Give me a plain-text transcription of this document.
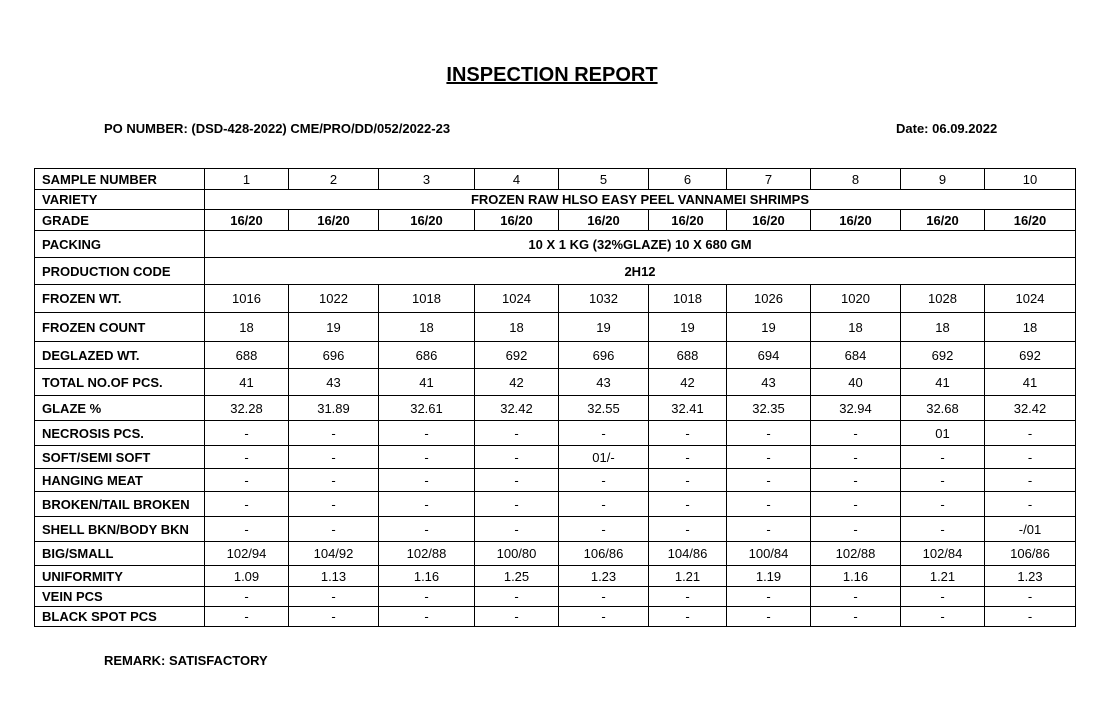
INSPECTION REPORT
PO NUMBER: (DSD-428-2022) CME/PRO/DD/052/2022-23	Date: 06.09.2022
SAMPLE NUMBER	1	2	3	4	5	6	7	8	9	10
VARIETY	FROZEN RAW HLSO EASY PEEL VANNAMEI SHRIMPS									
GRADE	16/20	16/20	16/20	16/20	16/20	16/20	16/20	16/20	16/20	16/20
PACKING	10 X 1 KG (32%GLAZE) 10 X 680 GM									
PRODUCTION CODE	2H12									
FROZEN WT.	1016	1022	1018	1024	1032	1018	1026	1020	1028	1024
FROZEN COUNT	18	19	18	18	19	19	19	18	18	18
DEGLAZED WT.	688	696	686	692	696	688	694	684	692	692
TOTAL NO.OF PCS.	41	43	41	42	43	42	43	40	41	41
GLAZE %	32.28	31.89	32.61	32.42	32.55	32.41	32.35	32.94	32.68	32.42
NECROSIS PCS.	-	-	-	-	-	-	-	-	01	-
SOFT/SEMI SOFT	-	-	-	-	01/-	-	-	-	-	-
HANGING MEAT	-	-	-	-	-	-	-	-	-	-
BROKEN/TAIL BROKEN	-	-	-	-	-	-	-	-	-	-
SHELL BKN/BODY BKN	-	-	-	-	-	-	-	-	-	-/01
BIG/SMALL	102/94	104/92	102/88	100/80	106/86	104/86	100/84	102/88	102/84	106/86
UNIFORMITY	1.09	1.13	1.16	1.25	1.23	1.21	1.19	1.16	1.21	1.23
VEIN PCS	-	-	-	-	-	-	-	-	-	-
BLACK SPOT PCS	-	-	-	-	-	-	-	-	-	-
REMARK: SATISFACTORY
